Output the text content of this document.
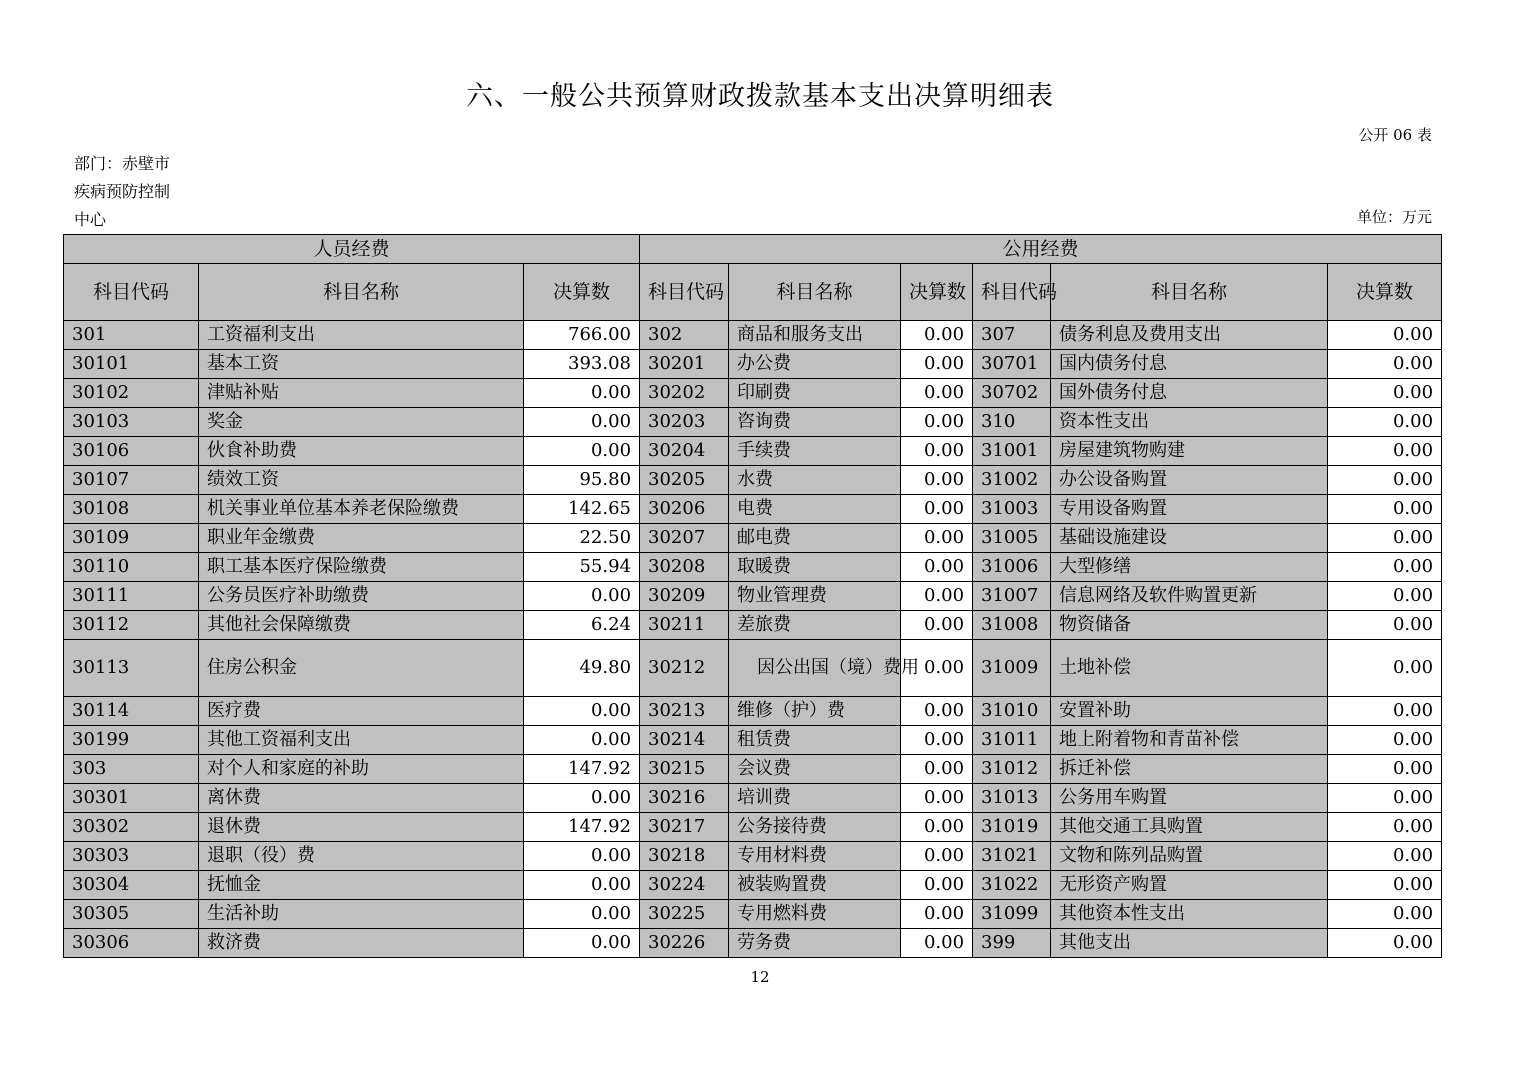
六、一般公共预算财政拨款基本支出决算明细表
公开 06 表
部门：赤壁市
疾病预防控制
中心	单位：万元
人员经费			公用经费					
科目代码	科目名称	决算数	科目代码	科目名称	决算数	科目代码	科目名称	决算数
301	工资福利支出	766.00	302	商品和服务支出	0.00	307	债务利息及费用支出	0.00
30101	基本工资	393.08	30201	办公费	0.00	30701	国内债务付息	0.00
30102	津贴补贴	0.00	30202	印刷费	0.00	30702	国外债务付息	0.00
30103	奖金	0.00	30203	咨询费	0.00	310	资本性支出	0.00
30106	伙食补助费	0.00	30204	手续费	0.00	31001	房屋建筑物购建	0.00
30107	绩效工资	95.80	30205	水费	0.00	31002	办公设备购置	0.00
30108	机关事业单位基本养老保险缴费	142.65	30206	电费	0.00	31003	专用设备购置	0.00
30109	职业年金缴费	22.50	30207	邮电费	0.00	31005	基础设施建设	0.00
30110	职工基本医疗保险缴费	55.94	30208	取暖费	0.00	31006	大型修缮	0.00
30111	公务员医疗补助缴费	0.00	30209	物业管理费	0.00	31007	信息网络及软件购置更新	0.00
30112	其他社会保障缴费	6.24	30211	差旅费	0.00	31008	物资储备	0.00
30113	住房公积金	49.80	30212	因公出国（境）费用	0.00	31009	土地补偿	0.00
30114	医疗费	0.00	30213	维修（护）费	0.00	31010	安置补助	0.00
30199	其他工资福利支出	0.00	30214	租赁费	0.00	31011	地上附着物和青苗补偿	0.00
303	对个人和家庭的补助	147.92	30215	会议费	0.00	31012	拆迁补偿	0.00
30301	离休费	0.00	30216	培训费	0.00	31013	公务用车购置	0.00
30302	退休费	147.92	30217	公务接待费	0.00	31019	其他交通工具购置	0.00
30303	退职（役）费	0.00	30218	专用材料费	0.00	31021	文物和陈列品购置	0.00
30304	抚恤金	0.00	30224	被装购置费	0.00	31022	无形资产购置	0.00
30305	生活补助	0.00	30225	专用燃料费	0.00	31099	其他资本性支出	0.00
30306	救济费	0.00	30226	劳务费	0.00	399	其他支出	0.00
12
